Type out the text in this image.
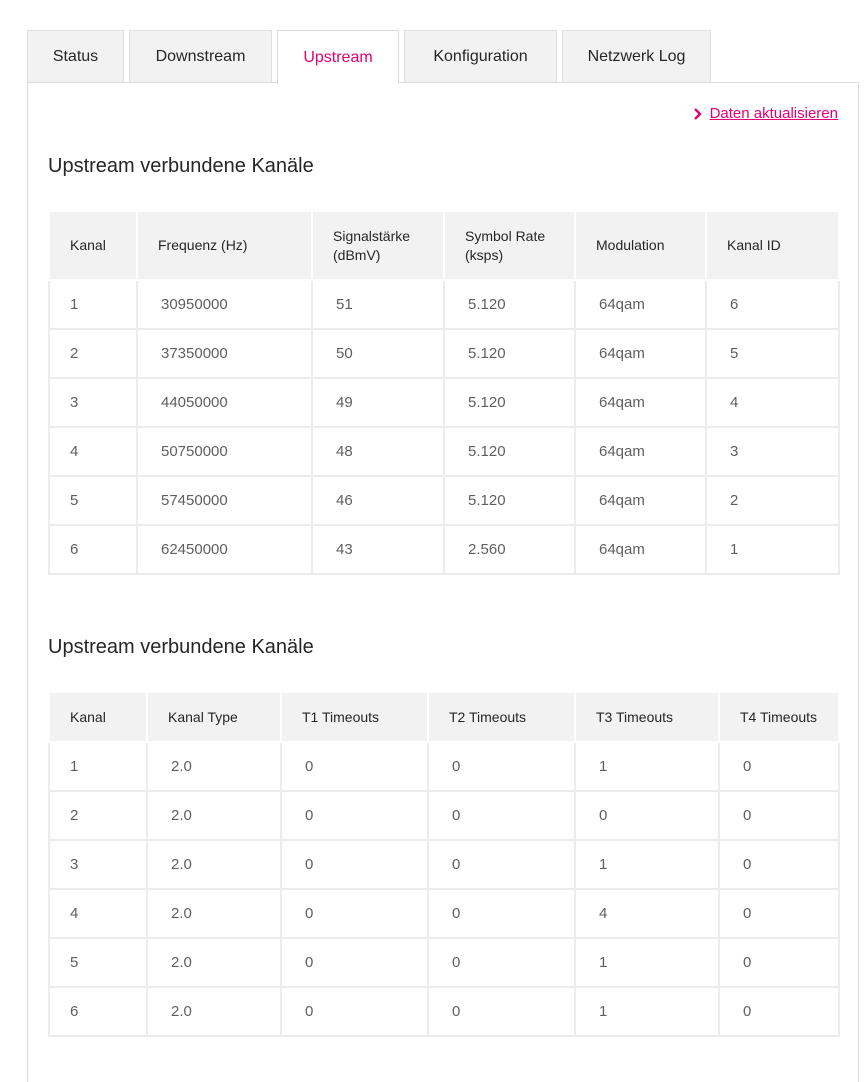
Status	Downstream	Upstream	Konfiguration	Netzwerk Log
Daten aktualisieren
Upstream verbundene Kanäle
Kanal	Frequenz (Hz)	Signalstärke (dBmV)	Symbol Rate (ksps)	Modulation	Kanal ID
1	30950000	51	5.120	64qam	6
2	37350000	50	5.120	64qam	5
3	44050000	49	5.120	64qam	4
4	50750000	48	5.120	64qam	3
5	57450000	46	5.120	64qam	2
6	62450000	43	2.560	64qam	1
Upstream verbundene Kanäle
Kanal	Kanal Type	T1 Timeouts	T2 Timeouts	T3 Timeouts	T4 Timeouts
1	2.0	0	0	1	0
2	2.0	0	0	0	0
3	2.0	0	0	1	0
4	2.0	0	0	4	0
5	2.0	0	0	1	0
6	2.0	0	0	1	0
